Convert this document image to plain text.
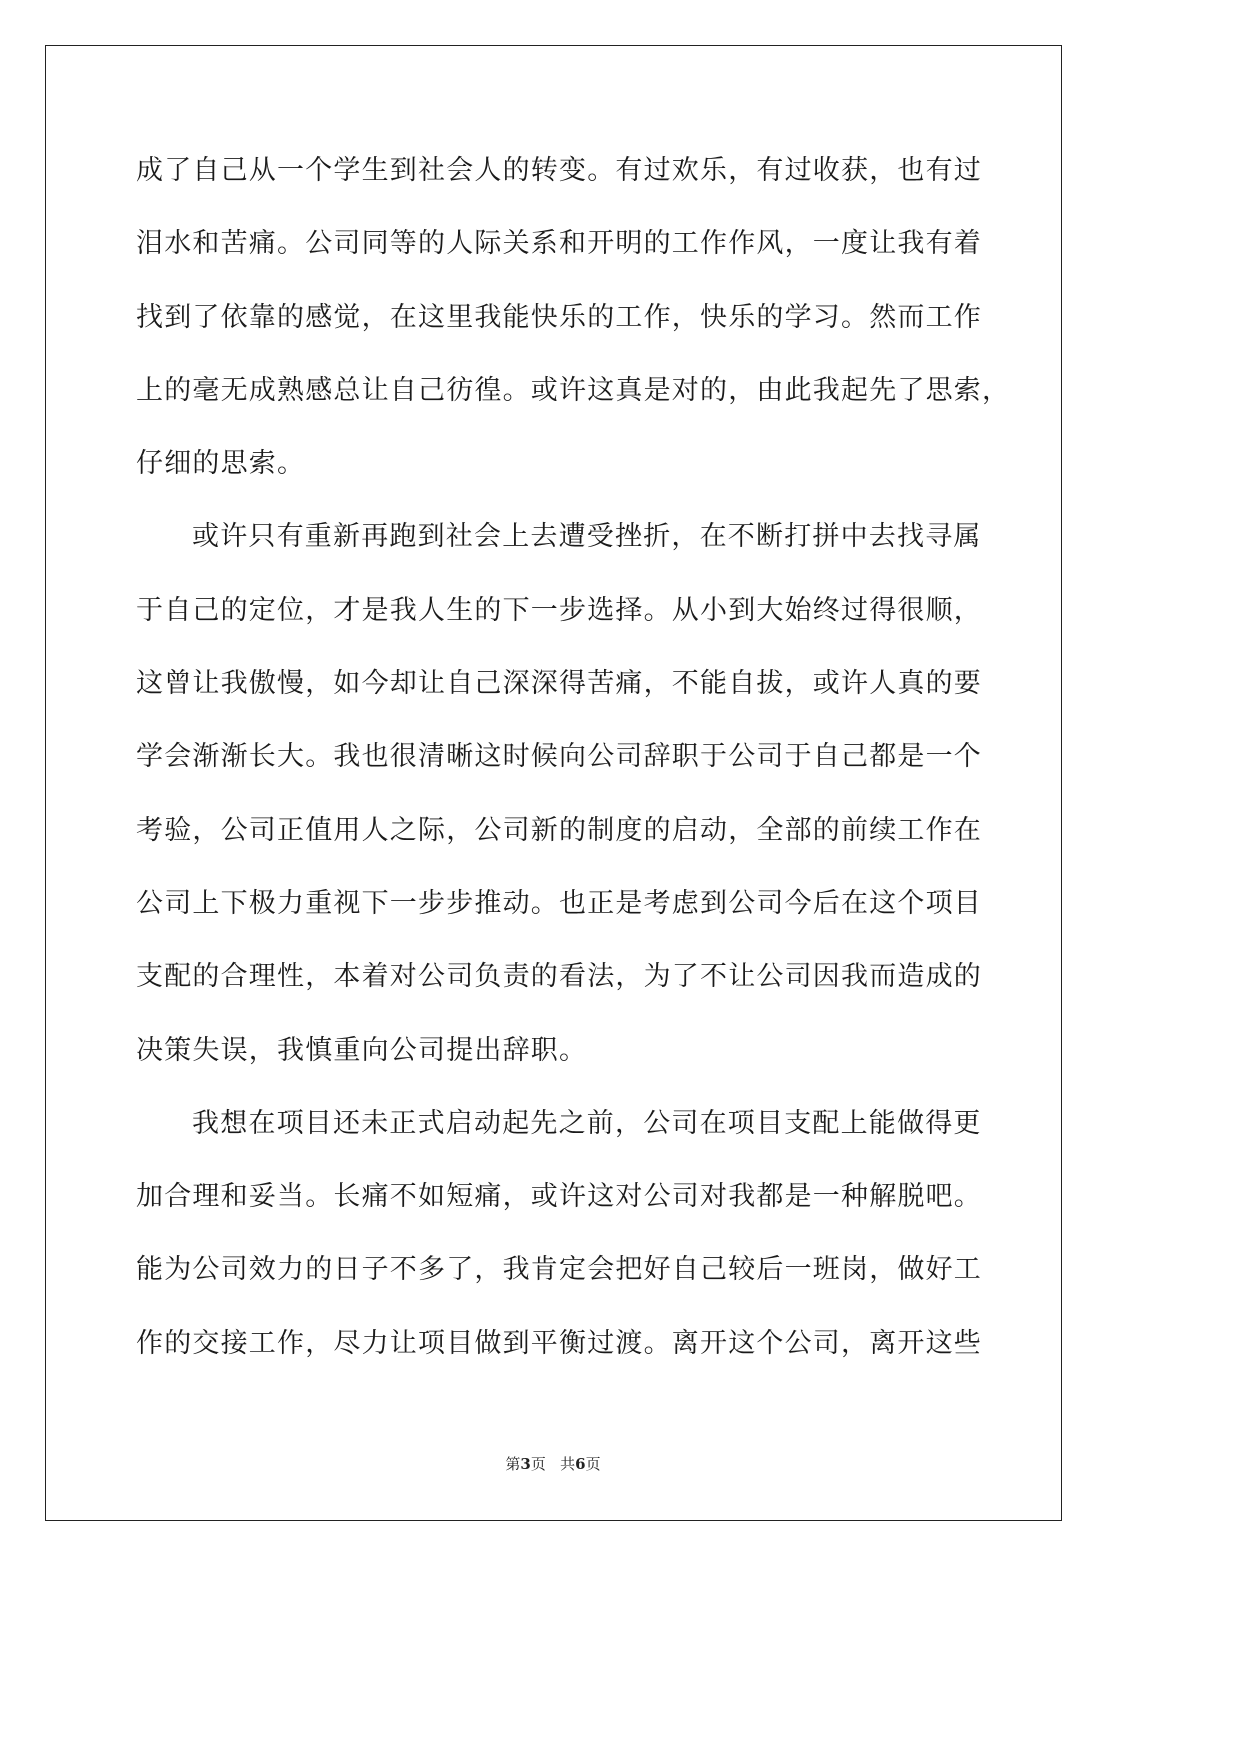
成了自己从一个学生到社会人的转变。有过欢乐，有过收获，也有过
泪水和苦痛。公司同等的人际关系和开明的工作作风，一度让我有着
找到了依靠的感觉，在这里我能快乐的工作，快乐的学习。然而工作
上的毫无成熟感总让自己彷徨。或许这真是对的，由此我起先了思索，
仔细的思索。
或许只有重新再跑到社会上去遭受挫折，在不断打拼中去找寻属
于自己的定位，才是我人生的下一步选择。从小到大始终过得很顺，
这曾让我傲慢，如今却让自己深深得苦痛，不能自拔，或许人真的要
学会渐渐长大。我也很清晰这时候向公司辞职于公司于自己都是一个
考验，公司正值用人之际，公司新的制度的启动，全部的前续工作在
公司上下极力重视下一步步推动。也正是考虑到公司今后在这个项目
支配的合理性，本着对公司负责的看法，为了不让公司因我而造成的
决策失误，我慎重向公司提出辞职。
我想在项目还未正式启动起先之前，公司在项目支配上能做得更
加合理和妥当。长痛不如短痛，或许这对公司对我都是一种解脱吧。
能为公司效力的日子不多了，我肯定会把好自己较后一班岗，做好工
作的交接工作，尽力让项目做到平衡过渡。离开这个公司，离开这些
第3页 共6页
